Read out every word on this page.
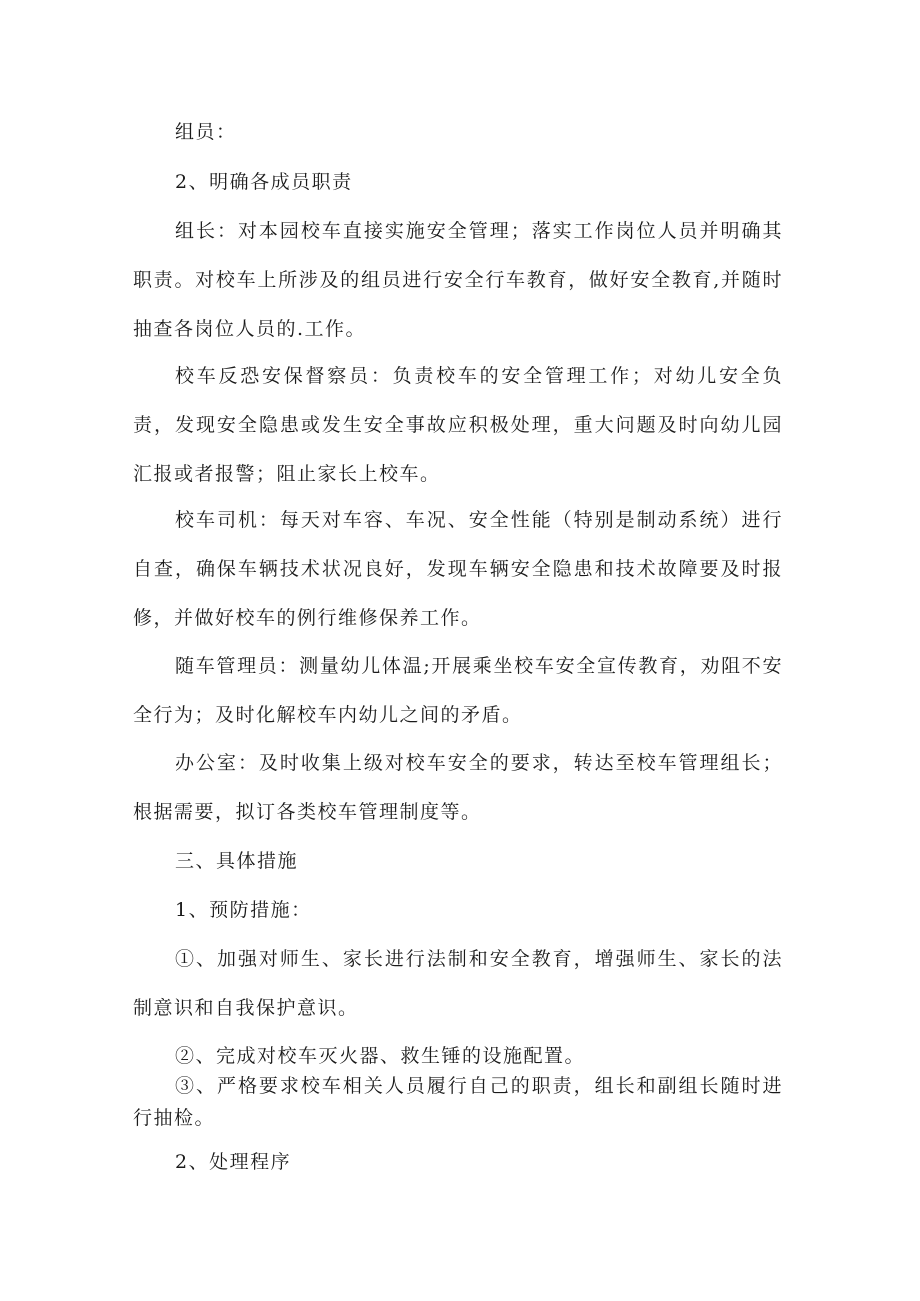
组员：

2、明确各成员职责

组长：对本园校车直接实施安全管理；落实工作岗位人员并明确其职责。对校车上所涉及的组员进行安全行车教育，做好安全教育,并随时抽查各岗位人员的.工作。

校车反恐安保督察员：负责校车的安全管理工作；对幼儿安全负责，发现安全隐患或发生安全事故应积极处理，重大问题及时向幼儿园汇报或者报警；阻止家长上校车。

校车司机：每天对车容、车况、安全性能（特别是制动系统）进行自查，确保车辆技术状况良好，发现车辆安全隐患和技术故障要及时报修，并做好校车的例行维修保养工作。

随车管理员：测量幼儿体温;开展乘坐校车安全宣传教育，劝阻不安全行为；及时化解校车内幼儿之间的矛盾。

办公室：及时收集上级对校车安全的要求，转达至校车管理组长；根据需要，拟订各类校车管理制度等。

三、具体措施

1、预防措施：

①、加强对师生、家长进行法制和安全教育，增强师生、家长的法制意识和自我保护意识。

②、完成对校车灭火器、救生锤的设施配置。

③、严格要求校车相关人员履行自己的职责，组长和副组长随时进行抽检。

2、处理程序
